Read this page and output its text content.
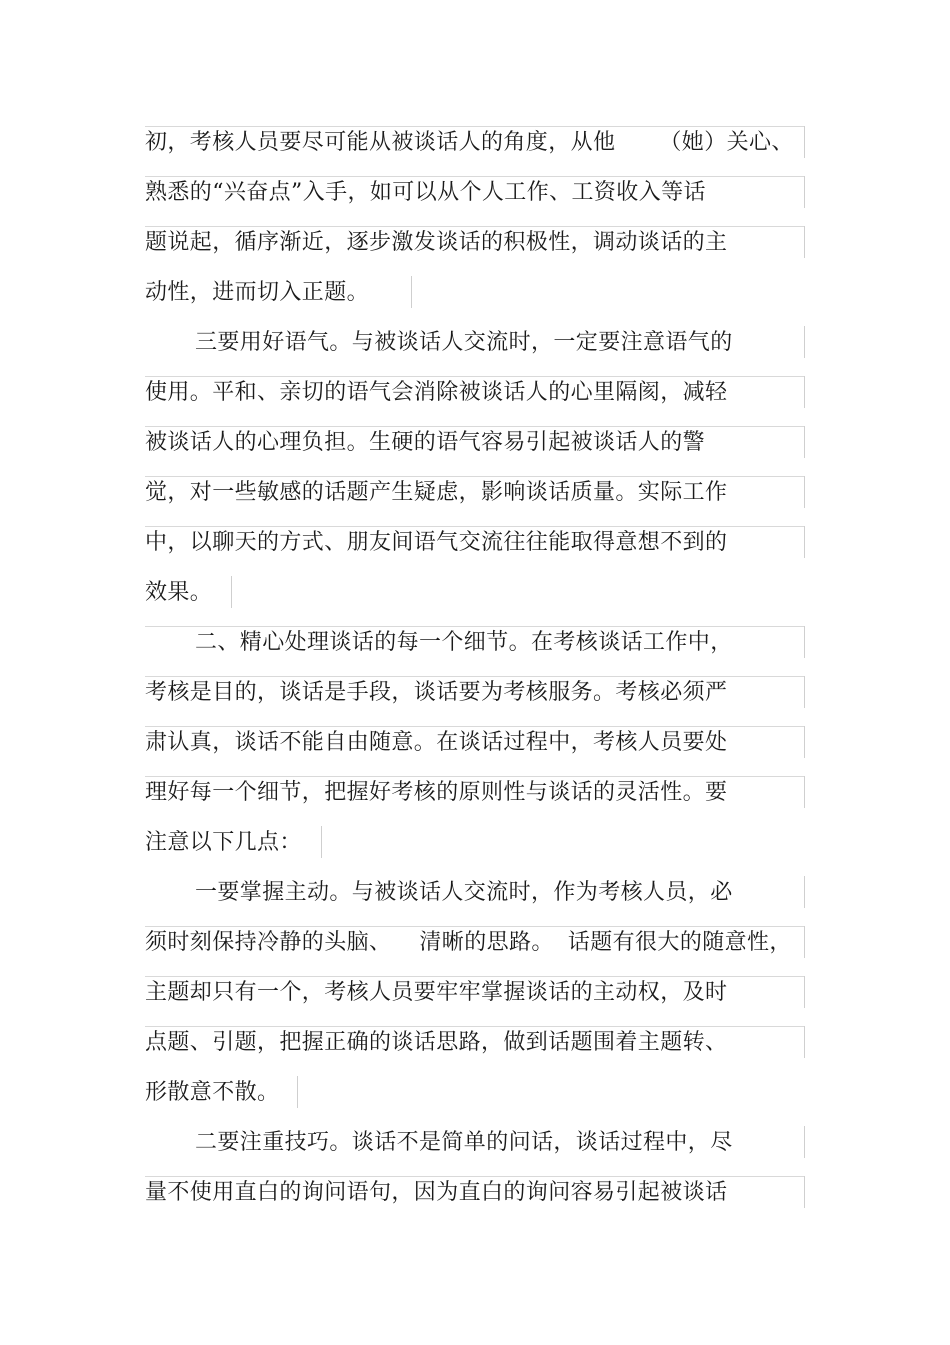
初，考核人员要尽可能从被谈话人的角度，从他 （她）关心、
熟悉的“兴奋点”入手，如可以从个人工作、工资收入等话
题说起，循序渐近，逐步激发谈话的积极性，调动谈话的主
动性，进而切入正题。
三要用好语气。与被谈话人交流时，一定要注意语气的
使用。平和、亲切的语气会消除被谈话人的心里隔阂，减轻
被谈话人的心理负担。生硬的语气容易引起被谈话人的警
觉，对一些敏感的话题产生疑虑，影响谈话质量。实际工作
中，以聊天的方式、朋友间语气交流往往能取得意想不到的
效果。
二、精心处理谈话的每一个细节。在考核谈话工作中，
考核是目的，谈话是手段，谈话要为考核服务。考核必须严
肃认真，谈话不能自由随意。在谈话过程中，考核人员要处
理好每一个细节，把握好考核的原则性与谈话的灵活性。要
注意以下几点：
一要掌握主动。与被谈话人交流时，作为考核人员，必
须时刻保持冷静的头脑、 清晰的思路。 话题有很大的随意性，
主题却只有一个，考核人员要牢牢掌握谈话的主动权，及时
点题、引题，把握正确的谈话思路，做到话题围着主题转、
形散意不散。
二要注重技巧。谈话不是简单的问话，谈话过程中，尽
量不使用直白的询问语句，因为直白的询问容易引起被谈话
